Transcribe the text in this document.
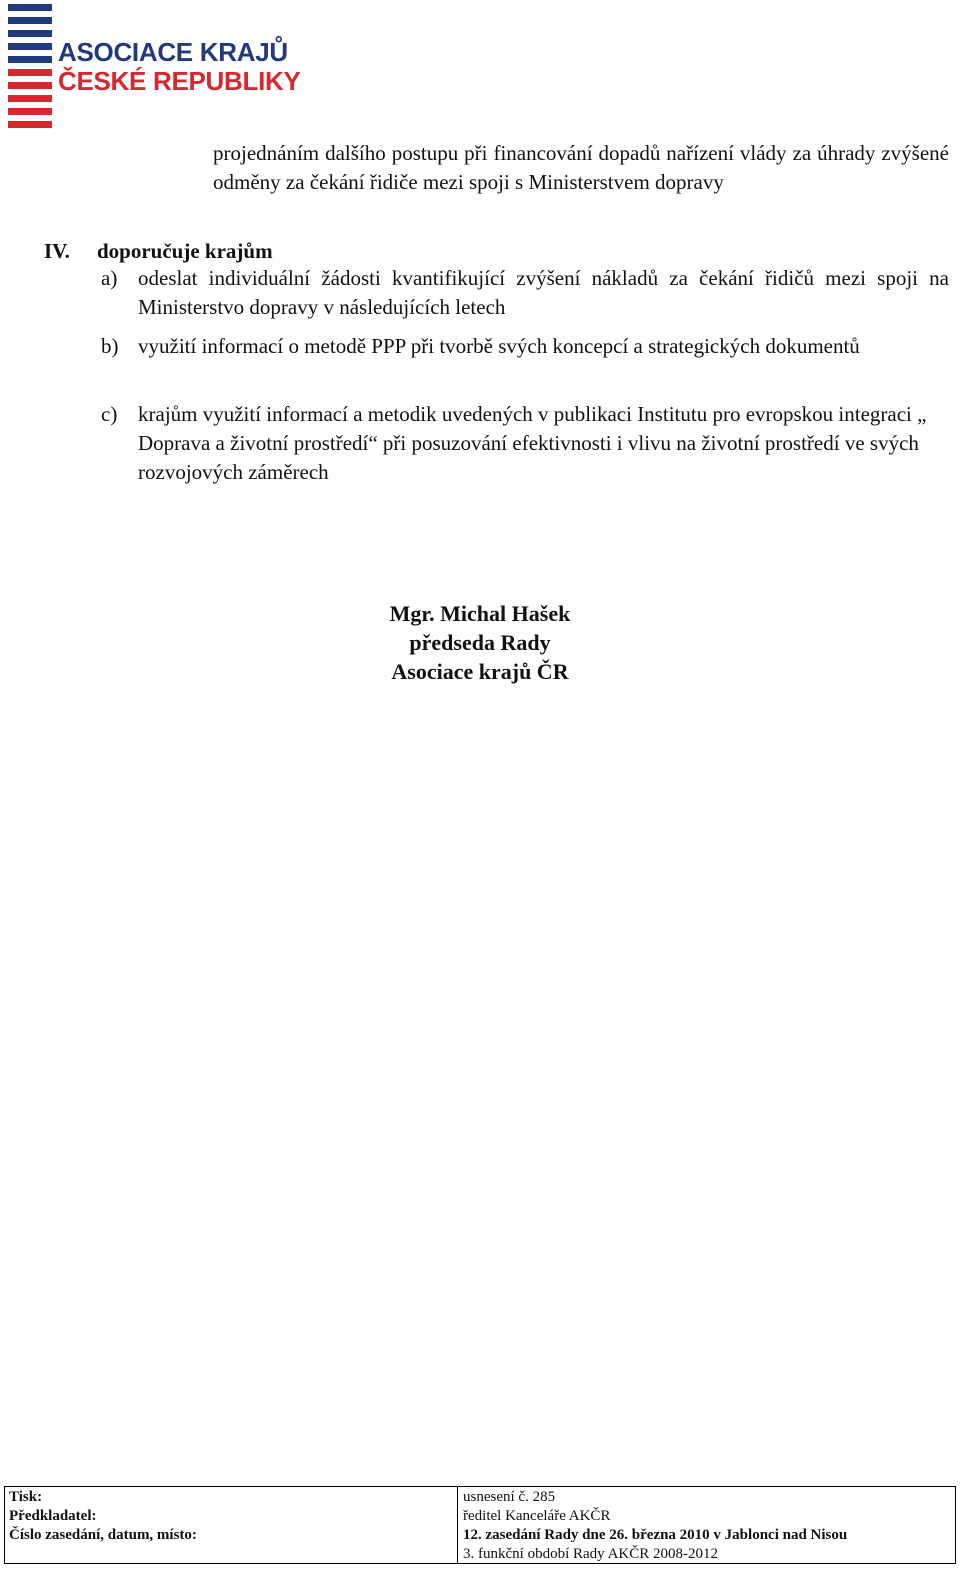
ASOCIACE KRAJŮ
ČESKÉ REPUBLIKY
projednáním dalšího postupu při financování dopadů nařízení vlády za úhrady zvýšené odměny za čekání řidiče mezi spoji s Ministerstvem dopravy
IV. doporučuje krajům
a) odeslat individuální žádosti kvantifikující zvýšení nákladů za čekání řidičů mezi spoji na Ministerstvo dopravy v následujících letech
b) využití informací o metodě PPP při tvorbě svých koncepcí a strategických dokumentů
c) krajům využití informací a metodik uvedených v publikaci Institutu pro evropskou integraci „ Doprava a životní prostředí“ při posuzování efektivnosti i vlivu na životní prostředí ve svých rozvojových záměrech
Mgr. Michal Hašek
předseda Rady
Asociace krajů ČR
Tisk:
Předkladatel:
Číslo zasedání, datum, místo:
usnesení č. 285
ředitel Kanceláře AKČR
12. zasedání Rady dne 26. března 2010 v Jablonci nad Nisou
3. funkční období Rady AKČR 2008-2012
